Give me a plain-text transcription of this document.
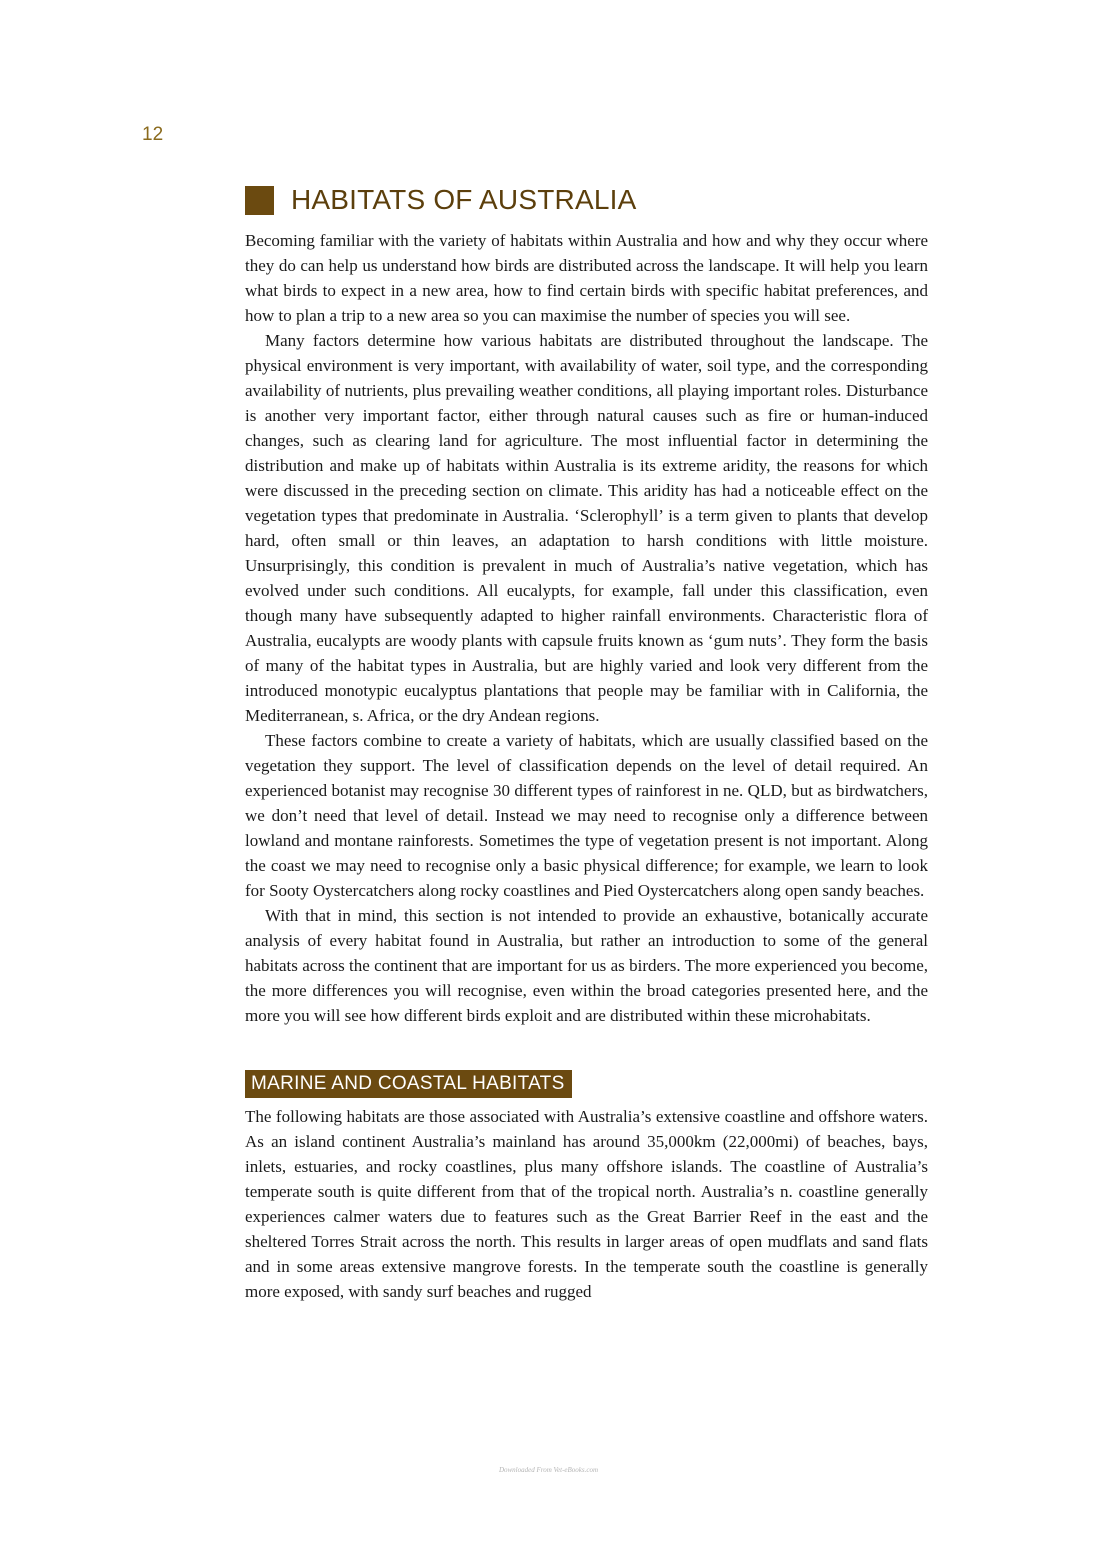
12
HABITATS OF AUSTRALIA

Becoming familiar with the variety of habitats within Australia and how and why they occur where they do can help us understand how birds are distributed across the landscape. It will help you learn what birds to expect in a new area, how to find certain birds with specific habitat preferences, and how to plan a trip to a new area so you can maximise the number of species you will see.

Many factors determine how various habitats are distributed throughout the landscape. The physical environment is very important, with availability of water, soil type, and the corresponding availability of nutrients, plus prevailing weather conditions, all playing important roles. Disturbance is another very important factor, either through natural causes such as fire or human-induced changes, such as clearing land for agriculture. The most influential factor in determining the distribution and make up of habitats within Australia is its extreme aridity, the reasons for which were discussed in the preceding section on climate. This aridity has had a noticeable effect on the vegetation types that predominate in Australia. ‘Sclerophyll’ is a term given to plants that develop hard, often small or thin leaves, an adaptation to harsh conditions with little moisture. Unsurprisingly, this condition is prevalent in much of Australia’s native vegetation, which has evolved under such conditions. All eucalypts, for example, fall under this classification, even though many have subsequently adapted to higher rainfall environments. Characteristic flora of Australia, eucalypts are woody plants with capsule fruits known as ‘gum nuts’. They form the basis of many of the habitat types in Australia, but are highly varied and look very different from the introduced monotypic eucalyptus plantations that people may be familiar with in California, the Mediterranean, s. Africa, or the dry Andean regions.

These factors combine to create a variety of habitats, which are usually classified based on the vegetation they support. The level of classification depends on the level of detail required. An experienced botanist may recognise 30 different types of rainforest in ne. QLD, but as birdwatchers, we don’t need that level of detail. Instead we may need to recognise only a difference between lowland and montane rainforests. Sometimes the type of vegetation present is not important. Along the coast we may need to recognise only a basic physical difference; for example, we learn to look for Sooty Oystercatchers along rocky coastlines and Pied Oystercatchers along open sandy beaches.

With that in mind, this section is not intended to provide an exhaustive, botanically accurate analysis of every habitat found in Australia, but rather an introduction to some of the general habitats across the continent that are important for us as birders. The more experienced you become, the more differences you will recognise, even within the broad categories presented here, and the more you will see how different birds exploit and are distributed within these microhabitats.

MARINE AND COASTAL HABITATS

The following habitats are those associated with Australia’s extensive coastline and offshore waters. As an island continent Australia’s mainland has around 35,000km (22,000mi) of beaches, bays, inlets, estuaries, and rocky coastlines, plus many offshore islands. The coastline of Australia’s temperate south is quite different from that of the tropical north. Australia’s n. coastline generally experiences calmer waters due to features such as the Great Barrier Reef in the east and the sheltered Torres Strait across the north. This results in larger areas of open mudflats and sand flats and in some areas extensive mangrove forests. In the temperate south the coastline is generally more exposed, with sandy surf beaches and rugged

Downloaded From Vet-eBooks.com
